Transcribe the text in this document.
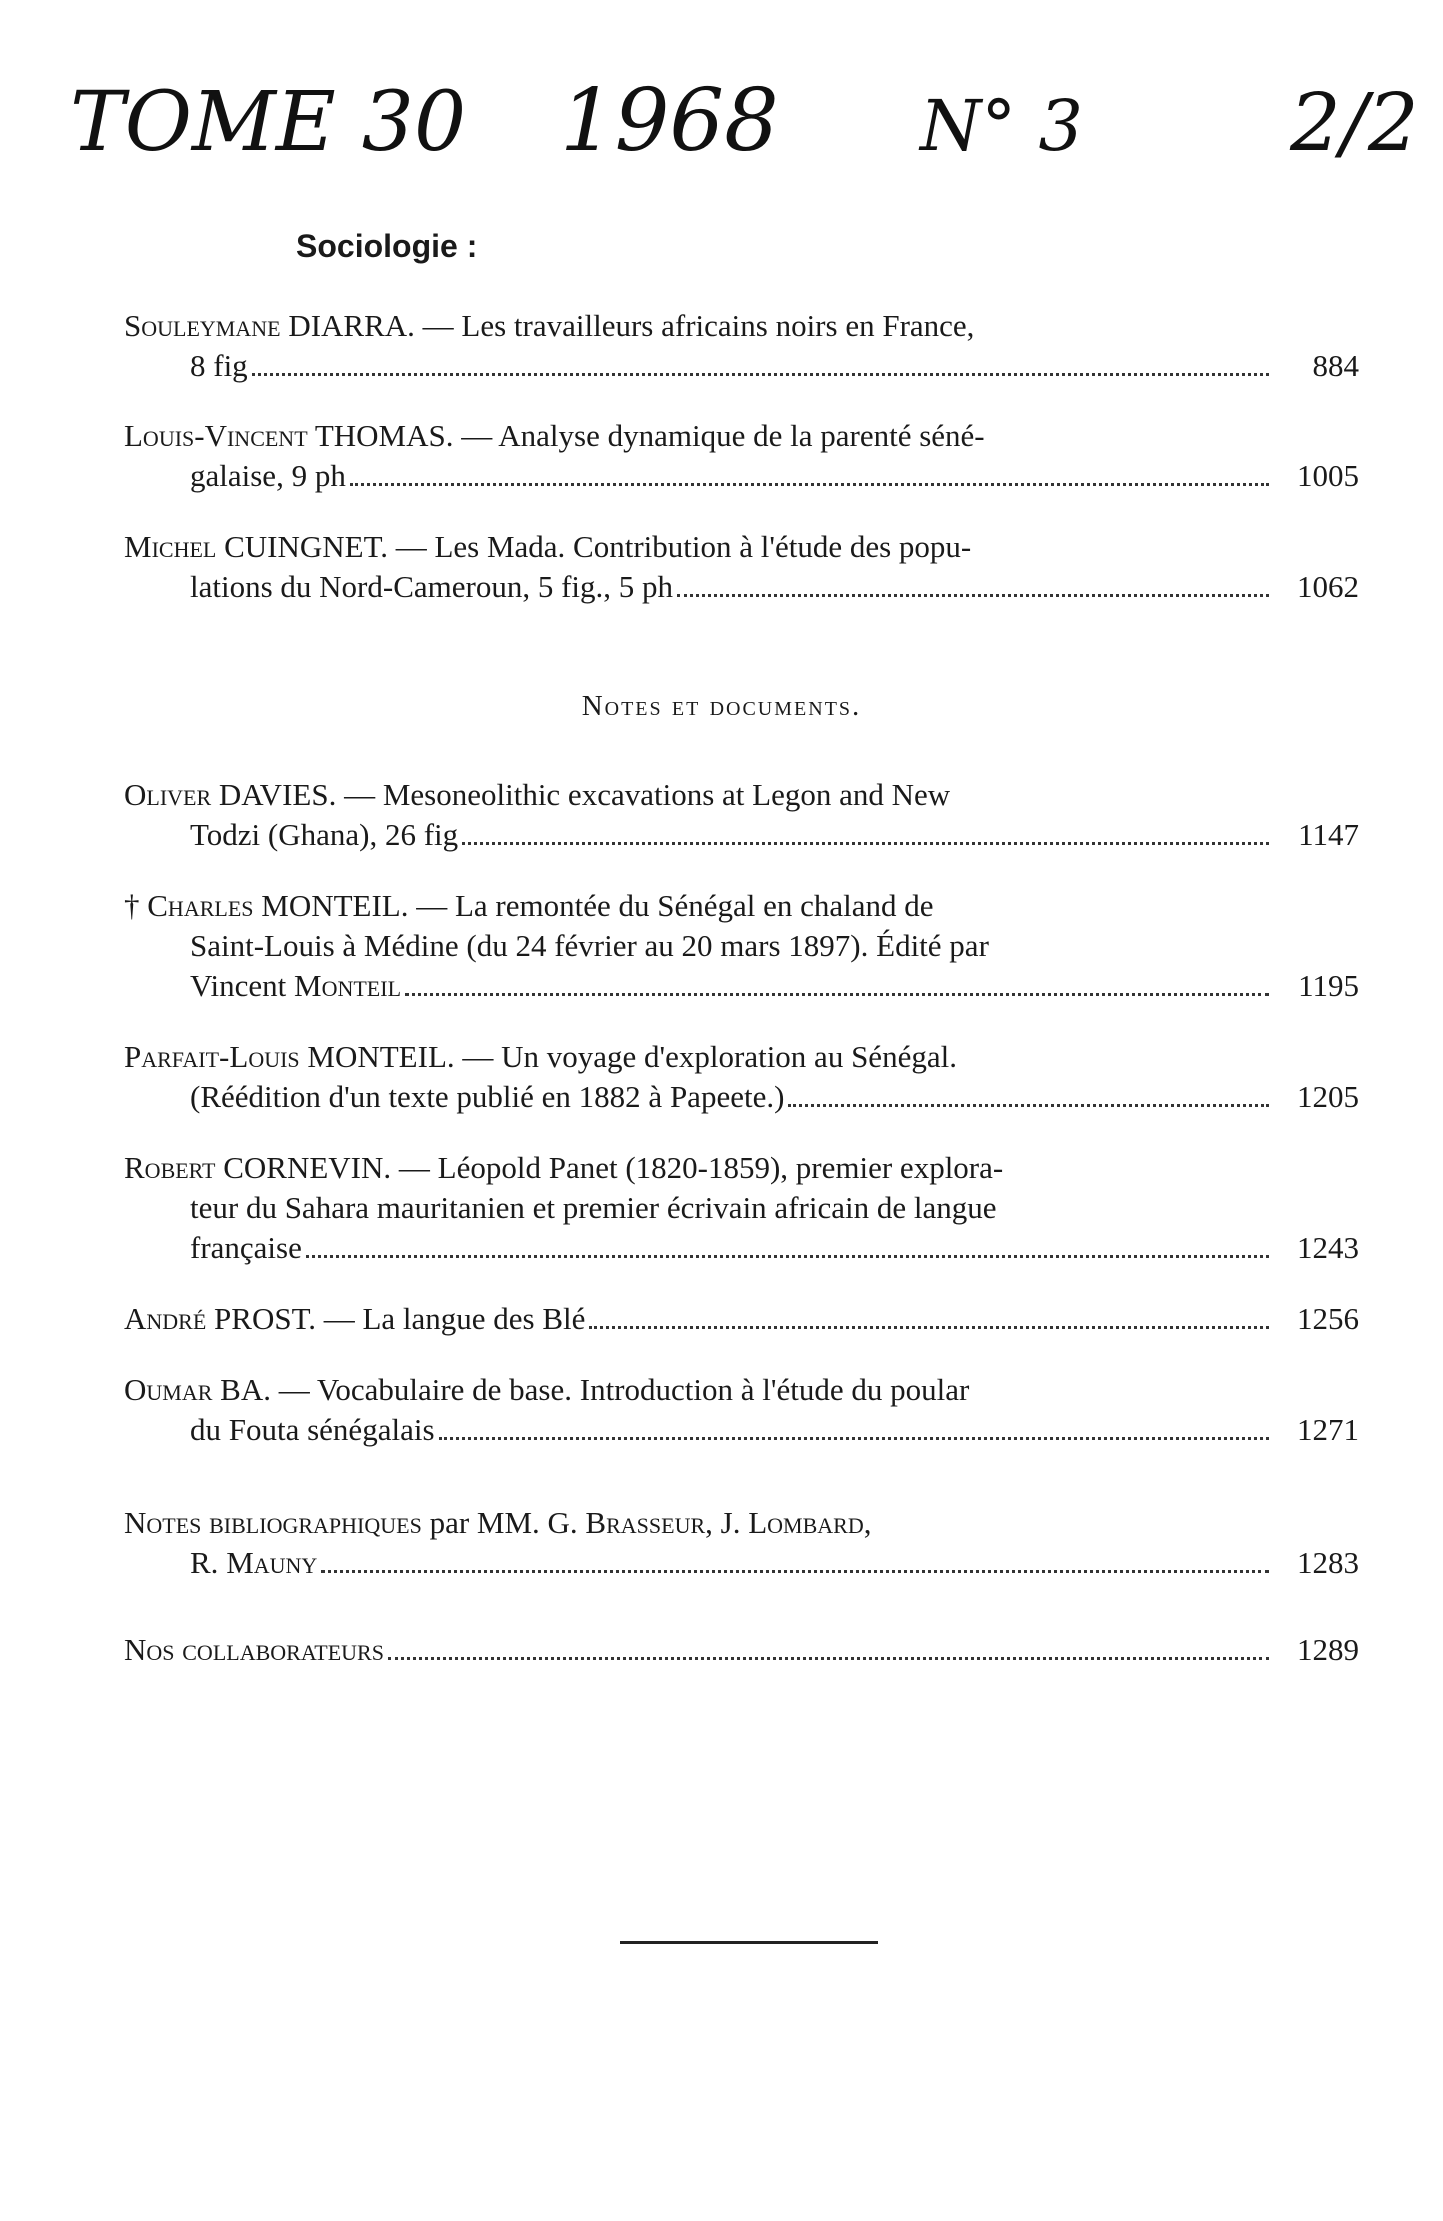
TOME 30 1968 N° 3	2/2
Sociologie :
Souleymane DIARRA. — Les travailleurs africains noirs en France,
8 fig	884
Louis-Vincent THOMAS. — Analyse dynamique de la parenté séné-
galaise, 9 ph	1005
Michel CUINGNET. — Les Mada. Contribution à l'étude des popu-
lations du Nord-Cameroun, 5 fig., 5 ph	1062
Notes et documents.
Oliver DAVIES. — Mesoneolithic excavations at Legon and New
Todzi (Ghana), 26 fig	1147
† Charles MONTEIL. — La remontée du Sénégal en chaland de
Saint-Louis à Médine (du 24 février au 20 mars 1897). Édité par
Vincent Monteil	1195
Parfait-Louis MONTEIL. — Un voyage d'exploration au Sénégal.
(Réédition d'un texte publié en 1882 à Papeete.)	1205
Robert CORNEVIN. — Léopold Panet (1820-1859), premier explora-
teur du Sahara mauritanien et premier écrivain africain de langue
française	1243
André PROST. — La langue des Blé	1256
Oumar BA. — Vocabulaire de base. Introduction à l'étude du poular
du Fouta sénégalais	1271
Notes bibliographiques par MM. G. Brasseur, J. Lombard,
R. Mauny	1283
Nos collaborateurs	1289
